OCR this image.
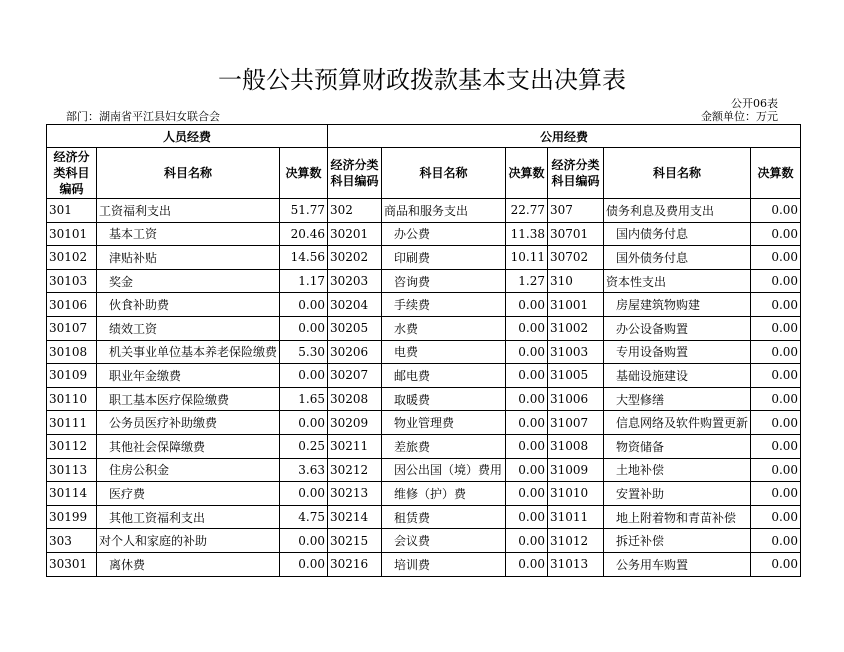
一般公共预算财政拨款基本支出决算表
公开06表
部门：湖南省平江县妇女联合会	金额单位：万元
人员经费			公用经费					
经济分类科目编码	科目名称	决算数	经济分类科目编码	科目名称	决算数	经济分类科目编码	科目名称	决算数
301	工资福利支出	51.77	302	商品和服务支出	22.77	307	债务利息及费用支出	0.00
30101	基本工资	20.46	30201	办公费	11.38	30701	国内债务付息	0.00
30102	津贴补贴	14.56	30202	印刷费	10.11	30702	国外债务付息	0.00
30103	奖金	1.17	30203	咨询费	1.27	310	资本性支出	0.00
30106	伙食补助费	0.00	30204	手续费	0.00	31001	房屋建筑物购建	0.00
30107	绩效工资	0.00	30205	水费	0.00	31002	办公设备购置	0.00
30108	机关事业单位基本养老保险缴费	5.30	30206	电费	0.00	31003	专用设备购置	0.00
30109	职业年金缴费	0.00	30207	邮电费	0.00	31005	基础设施建设	0.00
30110	职工基本医疗保险缴费	1.65	30208	取暖费	0.00	31006	大型修缮	0.00
30111	公务员医疗补助缴费	0.00	30209	物业管理费	0.00	31007	信息网络及软件购置更新	0.00
30112	其他社会保障缴费	0.25	30211	差旅费	0.00	31008	物资储备	0.00
30113	住房公积金	3.63	30212	因公出国（境）费用	0.00	31009	土地补偿	0.00
30114	医疗费	0.00	30213	维修（护）费	0.00	31010	安置补助	0.00
30199	其他工资福利支出	4.75	30214	租赁费	0.00	31011	地上附着物和青苗补偿	0.00
303	对个人和家庭的补助	0.00	30215	会议费	0.00	31012	拆迁补偿	0.00
30301	离休费	0.00	30216	培训费	0.00	31013	公务用车购置	0.00
